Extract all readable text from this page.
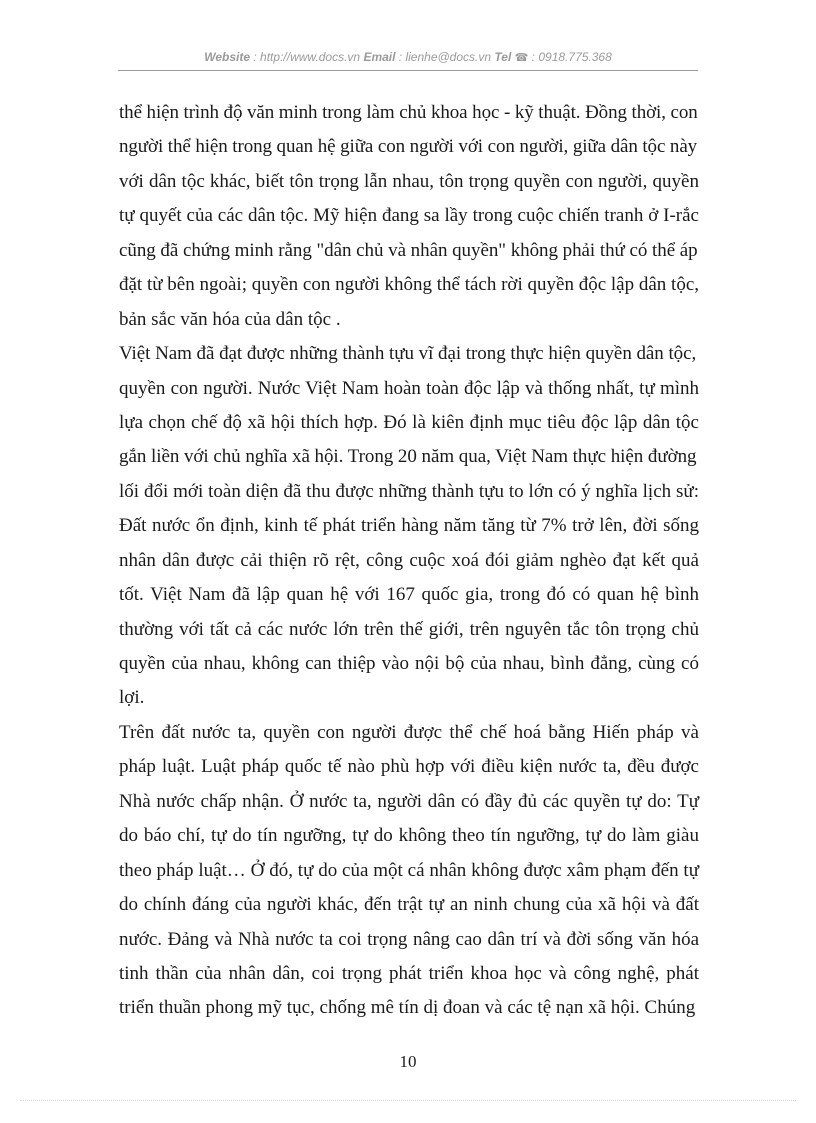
Website : http://www.docs.vn Email : lienhe@docs.vn Tel ☎ : 0918.775.368
thể hiện trình độ văn minh trong làm chủ khoa học - kỹ thuật. Đồng thời, con
người thể hiện trong quan hệ giữa con người với con người, giữa dân tộc này
với dân tộc khác, biết tôn trọng lẫn nhau, tôn trọng quyền con người, quyền
tự quyết của các dân tộc. Mỹ hiện đang sa lầy trong cuộc chiến tranh ở I-rắc
cũng đã chứng minh rằng "dân chủ và nhân quyền" không phải thứ có thể áp
đặt từ bên ngoài; quyền con người không thể tách rời quyền độc lập dân tộc,
bản sắc văn hóa của dân tộc .
Việt Nam đã đạt được những thành tựu vĩ đại trong thực hiện quyền dân tộc,
quyền con người. Nước Việt Nam hoàn toàn độc lập và thống nhất, tự mình
lựa chọn chế độ xã hội thích hợp. Đó là kiên định mục tiêu độc lập dân tộc
gắn liền với chủ nghĩa xã hội. Trong 20 năm qua, Việt Nam thực hiện đường
lối đổi mới toàn diện đã thu được những thành tựu to lớn có ý nghĩa lịch sử:
Đất nước ổn định, kinh tế phát triển hàng năm tăng từ 7% trở lên, đời sống
nhân dân được cải thiện rõ rệt, công cuộc xoá đói giảm nghèo đạt kết quả
tốt. Việt Nam đã lập quan hệ với 167 quốc gia, trong đó có quan hệ bình
thường với tất cả các nước lớn trên thế giới, trên nguyên tắc tôn trọng chủ
quyền của nhau, không can thiệp vào nội bộ của nhau, bình đẳng, cùng có
lợi.
Trên đất nước ta, quyền con người được thể chế hoá bằng Hiến pháp và
pháp luật. Luật pháp quốc tế nào phù hợp với điều kiện nước ta, đều được
Nhà nước chấp nhận. Ở nước ta, người dân có đầy đủ các quyền tự do: Tự
do báo chí, tự do tín ngưỡng, tự do không theo tín ngưỡng, tự do làm giàu
theo pháp luật… Ở đó, tự do của một cá nhân không được xâm phạm đến tự
do chính đáng của người khác, đến trật tự an ninh chung của xã hội và đất
nước. Đảng và Nhà nước ta coi trọng nâng cao dân trí và đời sống văn hóa
tinh thần của nhân dân, coi trọng phát triển khoa học và công nghệ, phát
triển thuần phong mỹ tục, chống mê tín dị đoan và các tệ nạn xã hội. Chúng
10
